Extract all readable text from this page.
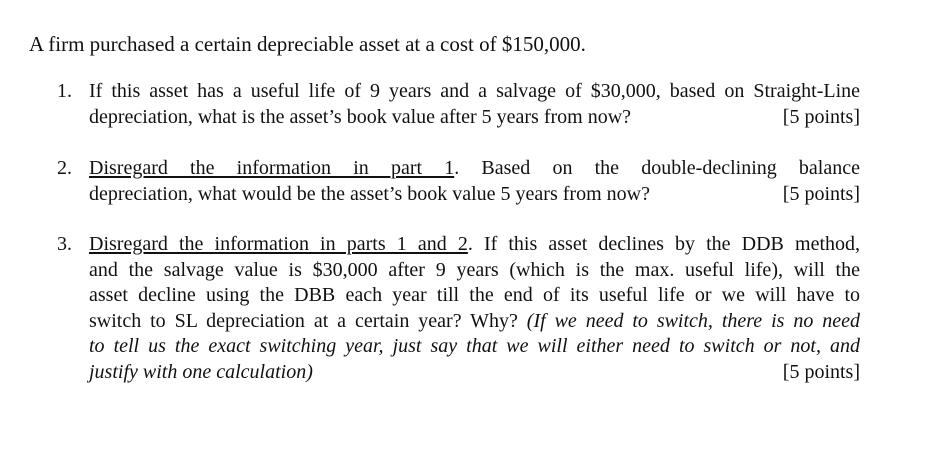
A firm purchased a certain depreciable asset at a cost of $150,000.
1. If this asset has a useful life of 9 years and a salvage of $30,000, based on Straight-Line
depreciation, what is the asset’s book value after 5 years from now?	[5 points]
2. Disregard the information in part 1. Based on the double-declining balance
depreciation, what would be the asset’s book value 5 years from now?	[5 points]
3. Disregard the information in parts 1 and 2. If this asset declines by the DDB method,
and the salvage value is $30,000 after 9 years (which is the max. useful life), will the
asset decline using the DBB each year till the end of its useful life or we will have to
switch to SL depreciation at a certain year? Why? (If we need to switch, there is no need
to tell us the exact switching year, just say that we will either need to switch or not, and
justify with one calculation)	[5 points]
